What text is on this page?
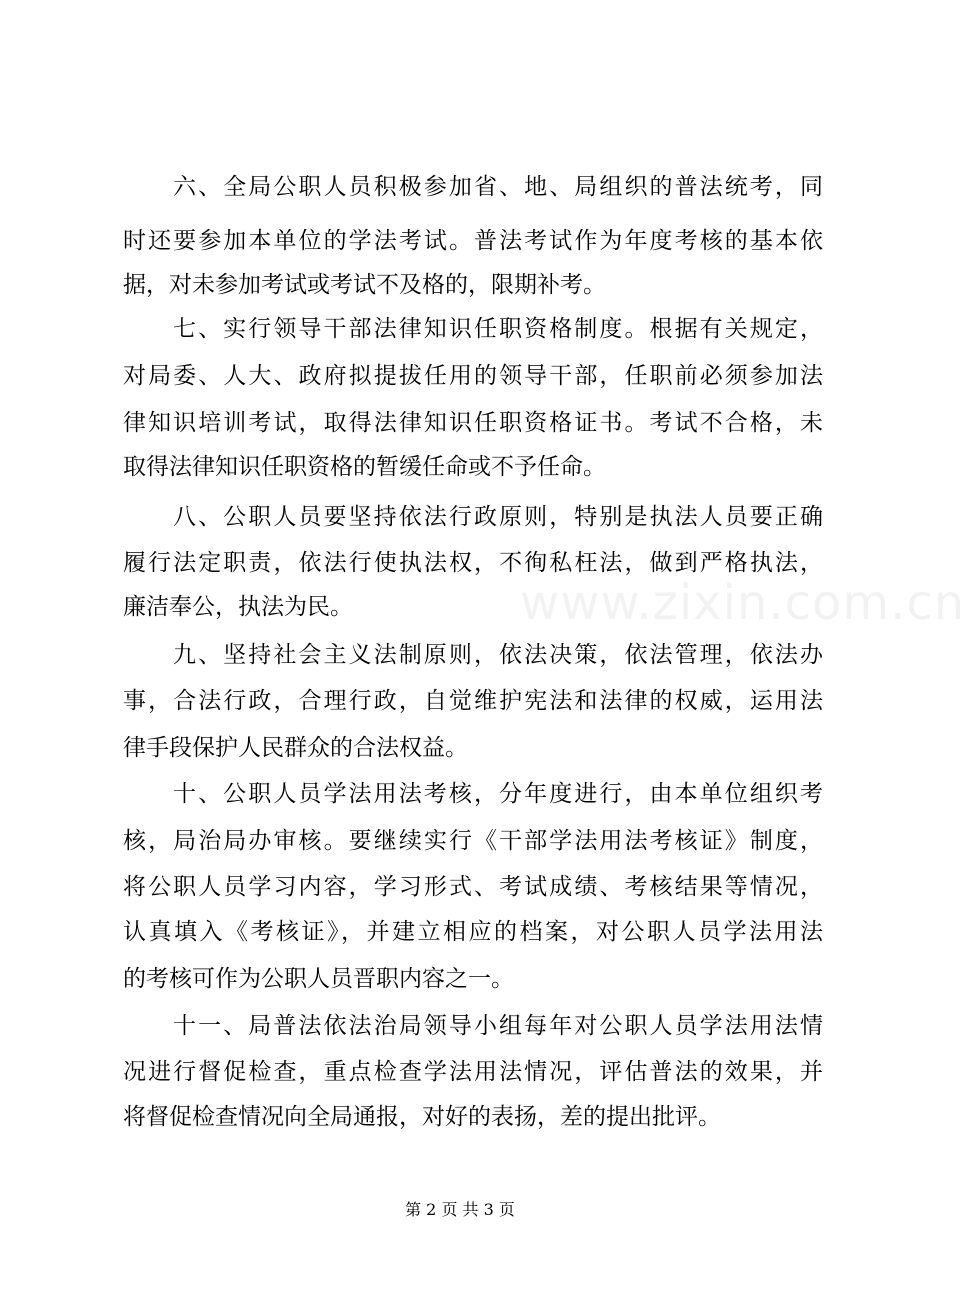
六、全局公职人员积极参加省、地、局组织的普法统考，同
时还要参加本单位的学法考试。普法考试作为年度考核的基本依
据，对未参加考试或考试不及格的，限期补考。
七、实行领导干部法律知识任职资格制度。根据有关规定，
对局委、人大、政府拟提拔任用的领导干部，任职前必须参加法
律知识培训考试，取得法律知识任职资格证书。考试不合格，未
取得法律知识任职资格的暂缓任命或不予任命。
八、公职人员要坚持依法行政原则，特别是执法人员要正确
履行法定职责，依法行使执法权，不徇私枉法，做到严格执法，
廉洁奉公，执法为民。
九、坚持社会主义法制原则，依法决策，依法管理，依法办
事，合法行政，合理行政，自觉维护宪法和法律的权威，运用法
律手段保护人民群众的合法权益。
十、公职人员学法用法考核，分年度进行，由本单位组织考
核，局治局办审核。要继续实行《干部学法用法考核证》制度，
将公职人员学习内容，学习形式、考试成绩、考核结果等情况，
认真填入《考核证》，并建立相应的档案，对公职人员学法用法
的考核可作为公职人员晋职内容之一。
十一、局普法依法治局领导小组每年对公职人员学法用法情
况进行督促检查，重点检查学法用法情况，评估普法的效果，并
将督促检查情况向全局通报，对好的表扬，差的提出批评。
www.zixin.com.cn
第 2 页 共 3 页
